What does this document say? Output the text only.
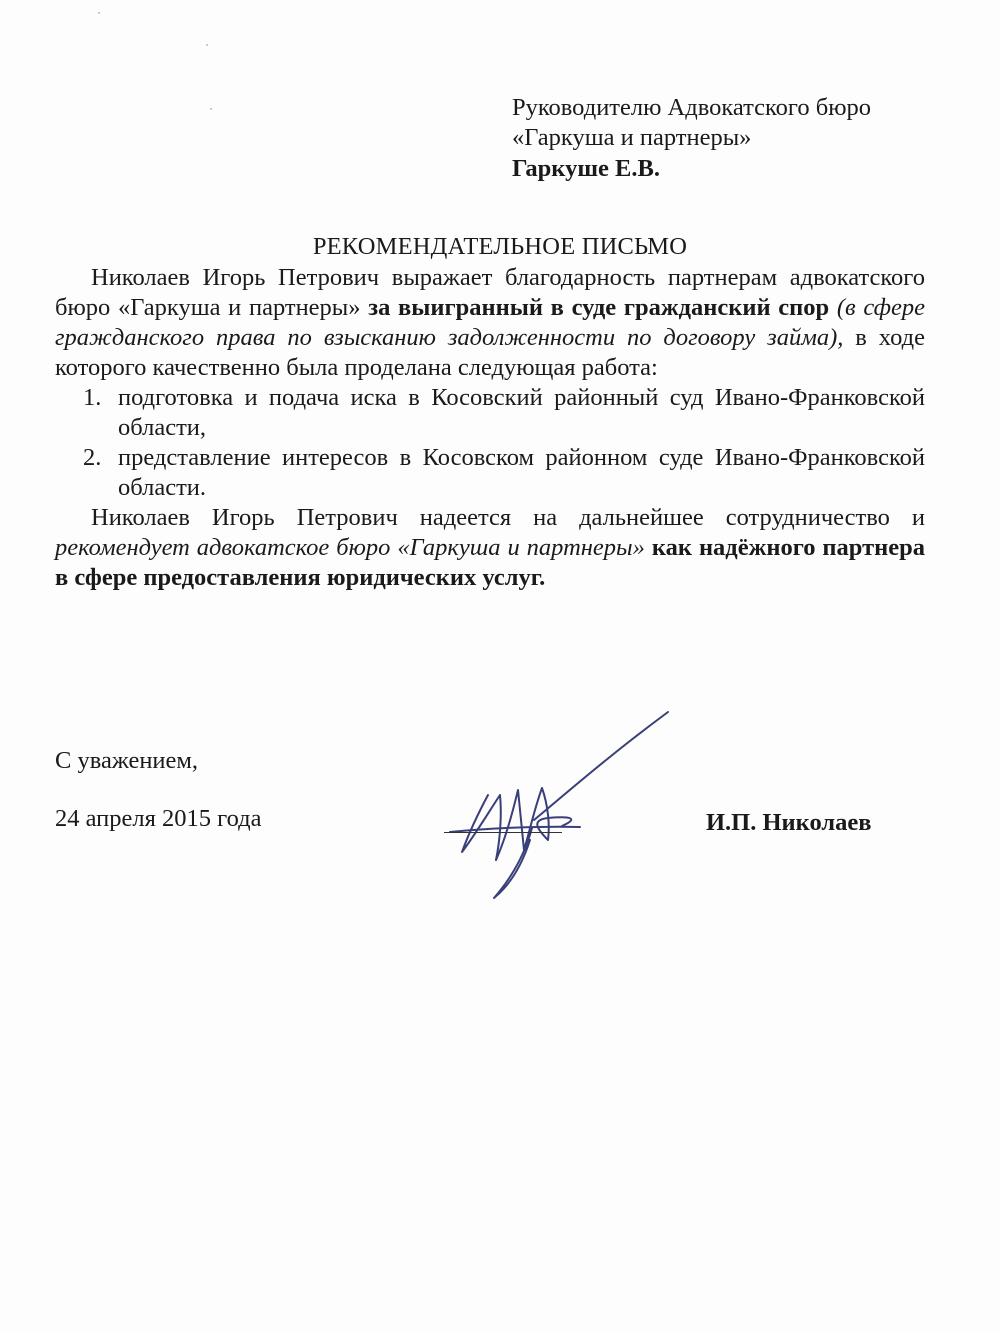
Руководителю Адвокатского бюро
«Гаркуша и партнеры»
Гаркуше Е.В.
РЕКОМЕНДАТЕЛЬНОЕ ПИСЬМО

Николаев Игорь Петрович выражает благодарность партнерам адвокатского бюро «Гаркуша и партнеры» за выигранный в суде гражданский спор (в сфере гражданского права по взысканию задолженности по договору займа), в ходе которого качественно была проделана следующая работа:

1. подготовка и подача иска в Косовский районный суд Ивано-Франковской области,
2. представление интересов в Косовском районном суде Ивано-Франковской области.

Николаев Игорь Петрович надеется на дальнейшее сотрудничество и рекомендует адвокатское бюро «Гаркуша и партнеры» как надёжного партнера в сфере предоставления юридических услуг.

С уважением,
24 апреля 2015 года	И.П. Николаев
